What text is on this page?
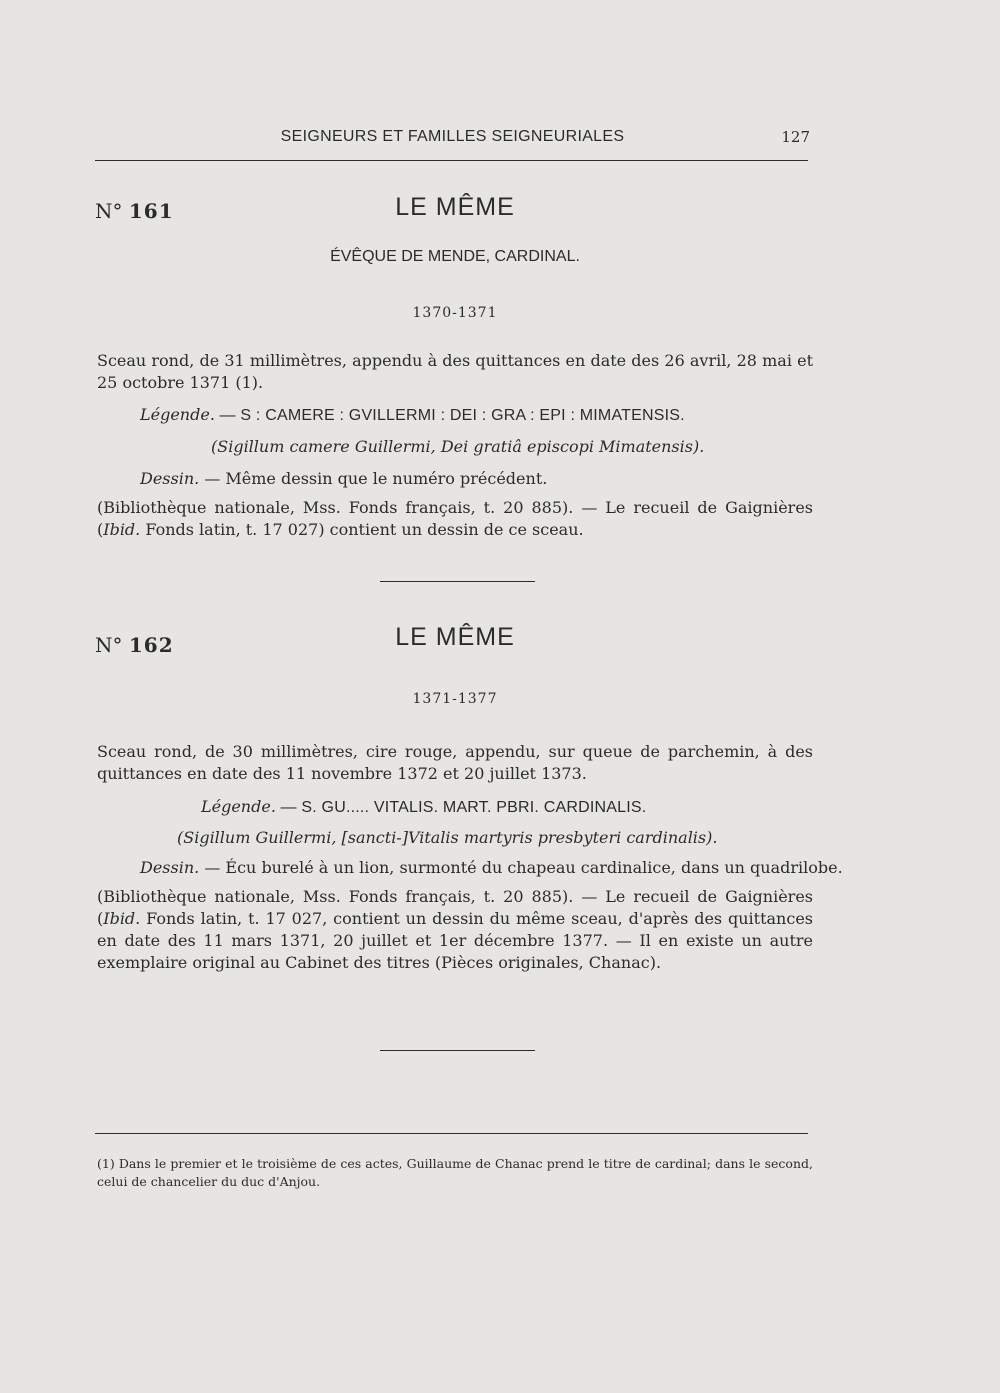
SEIGNEURS ET FAMILLES SEIGNEURIALES	127
N° 161	LE MÊME
ÉVÊQUE DE MENDE, CARDINAL.
1370-1371
Sceau rond, de 31 millimètres, appendu à des quittances en date des 26 avril, 28 mai et 25 octobre 1371 (1).
Légende. — S : CAMERE : GVILLERMI : DEI : GRA : EPI : MIMATENSIS.
(Sigillum camere Guillermi, Dei gratiâ episcopi Mimatensis).
Dessin. — Même dessin que le numéro précédent.
(Bibliothèque nationale, Mss. Fonds français, t. 20 885). — Le recueil de Gaignières (Ibid. Fonds latin, t. 17 027) contient un dessin de ce sceau.
N° 162	LE MÊME
1371-1377
Sceau rond, de 30 millimètres, cire rouge, appendu, sur queue de parchemin, à des quittances en date des 11 novembre 1372 et 20 juillet 1373.
Légende. — S. GU..... VITALIS. MART. PBRI. CARDINALIS.
(Sigillum Guillermi, [sancti-]Vitalis martyris presbyteri cardinalis).
Dessin. — Écu burelé à un lion, surmonté du chapeau cardinalice, dans un quadrilobe.
(Bibliothèque nationale, Mss. Fonds français, t. 20 885). — Le recueil de Gaignières (Ibid. Fonds latin, t. 17 027, contient un dessin du même sceau, d'après des quittances en date des 11 mars 1371, 20 juillet et 1er décembre 1377. — Il en existe un autre exemplaire original au Cabinet des titres (Pièces originales, Chanac).
(1) Dans le premier et le troisième de ces actes, Guillaume de Chanac prend le titre de cardinal; dans le second, celui de chancelier du duc d'Anjou.
